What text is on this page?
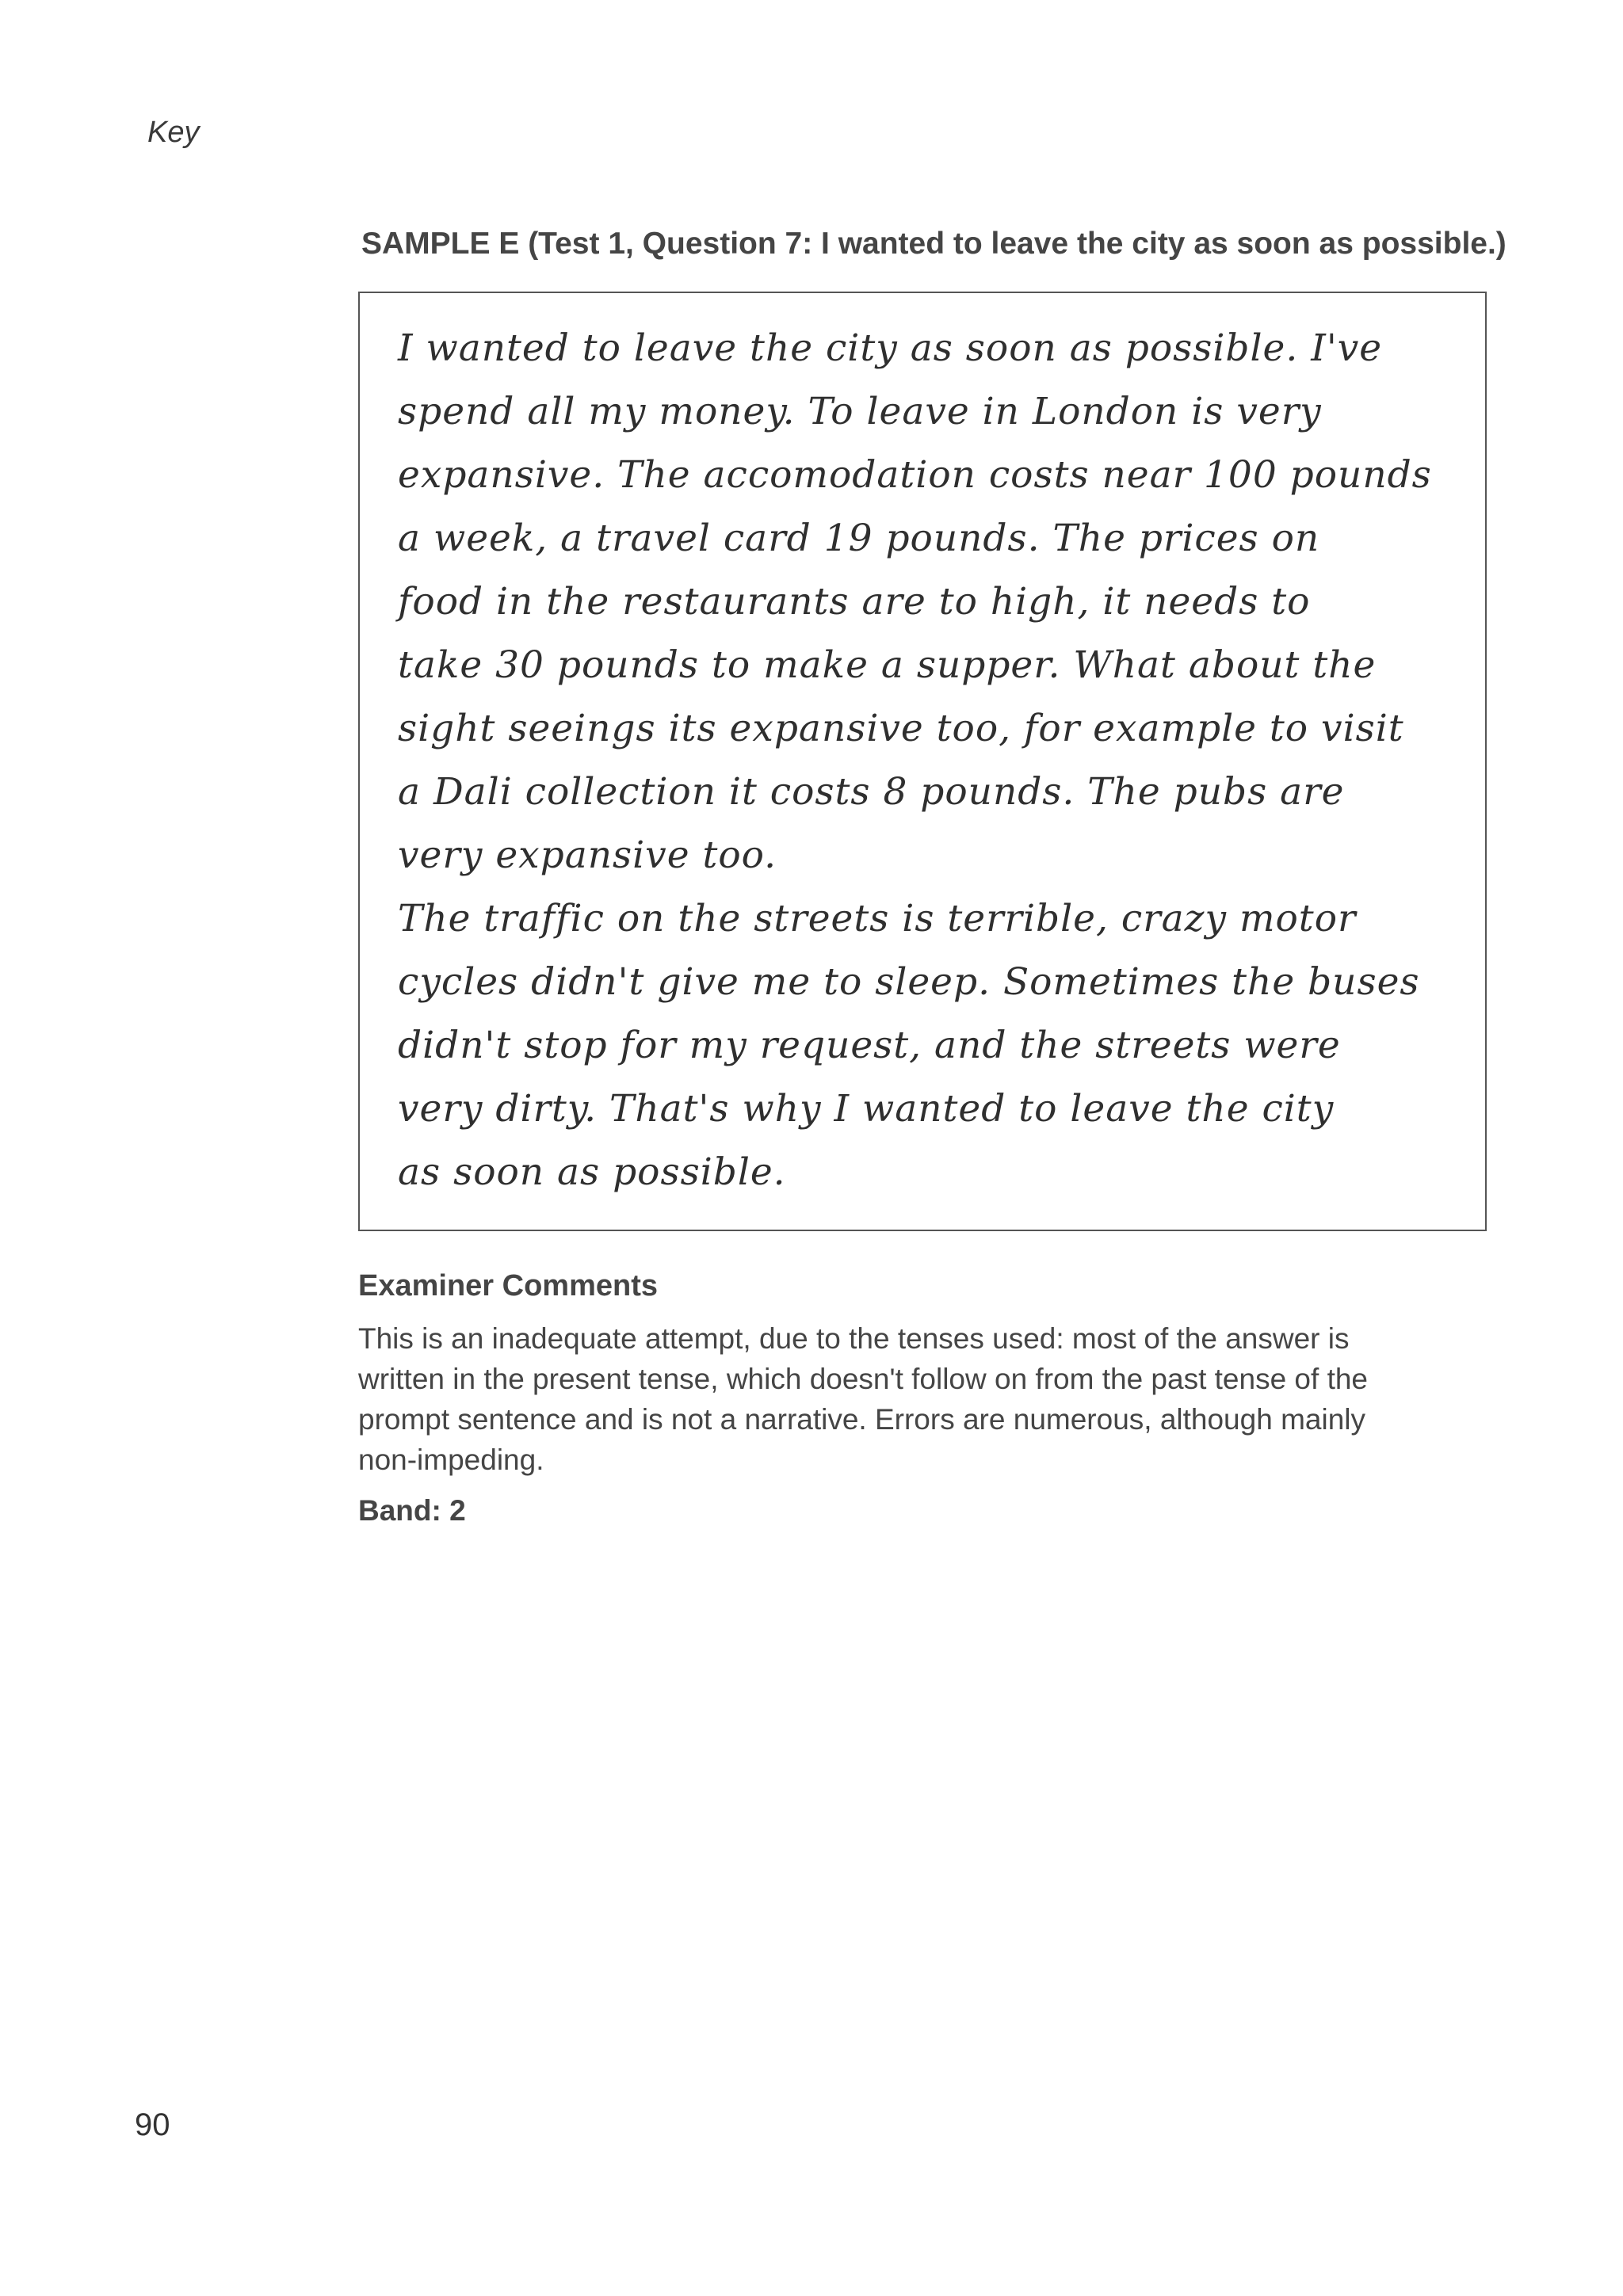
Key

SAMPLE E (Test 1, Question 7: I wanted to leave the city as soon as possible.)
I wanted to leave the city as soon as possible. I've
spend all my money. To leave in London is very
expansive. The accomodation costs near 100 pounds
a week, a travel card 19 pounds. The prices on
food in the restaurants are to high, it needs to
take 30 pounds to make a supper. What about the
sight seeings its expansive too, for example to visit
a Dali collection it costs 8 pounds. The pubs are
very expansive too.
The traffic on the streets is terrible, crazy motor
cycles didn't give me to sleep. Sometimes the buses
didn't stop for my request, and the streets were
very dirty. That's why I wanted to leave the city
as soon as possible.
Examiner Comments
This is an inadequate attempt, due to the tenses used: most of the answer is
written in the present tense, which doesn't follow on from the past tense of the
prompt sentence and is not a narrative. Errors are numerous, although mainly
non-impeding.

Band: 2

90
